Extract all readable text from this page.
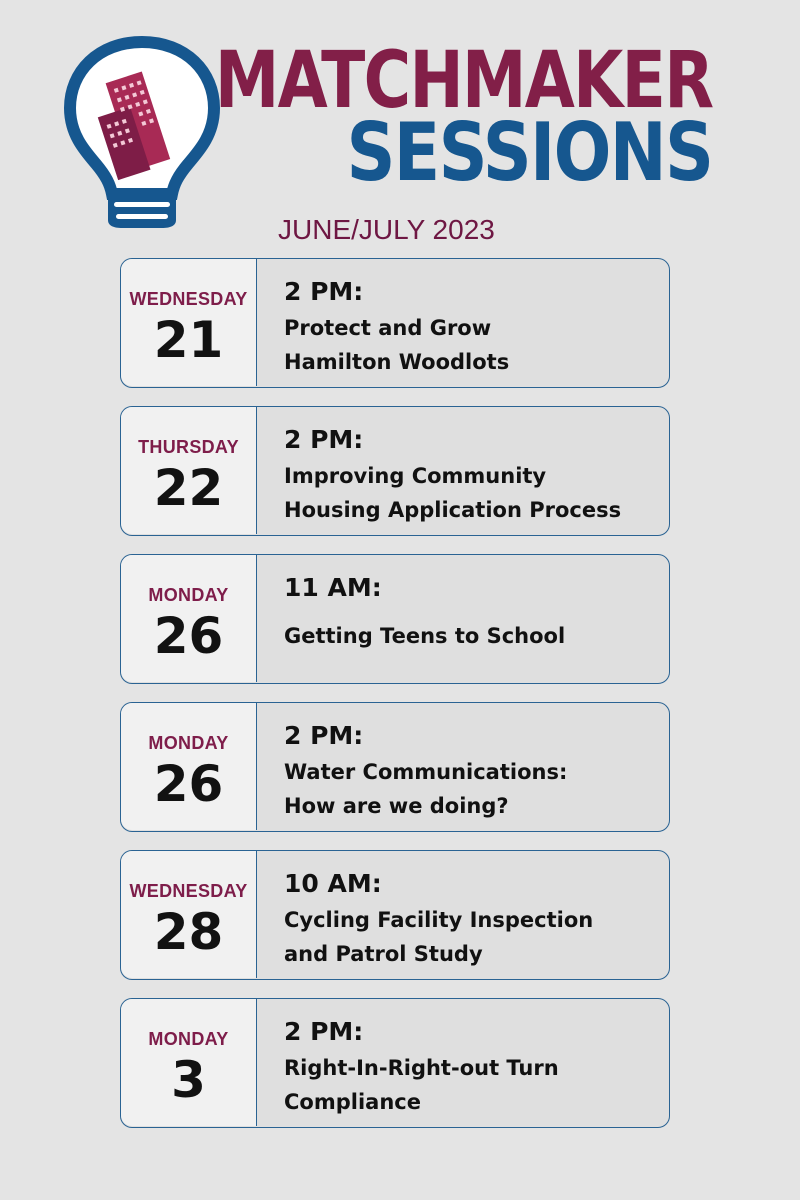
MATCHMAKER
SESSIONS
JUNE/JULY 2023
WEDNESDAY
21
2 PM:
Protect and Grow
Hamilton Woodlots
THURSDAY
22
2 PM:
Improving Community
Housing Application Process
MONDAY
26
11 AM:
Getting Teens to School
MONDAY
26
2 PM:
Water Communications:
How are we doing?
WEDNESDAY
28
10 AM:
Cycling Facility Inspection
and Patrol Study
MONDAY
3
2 PM:
Right-In-Right-out Turn
Compliance
